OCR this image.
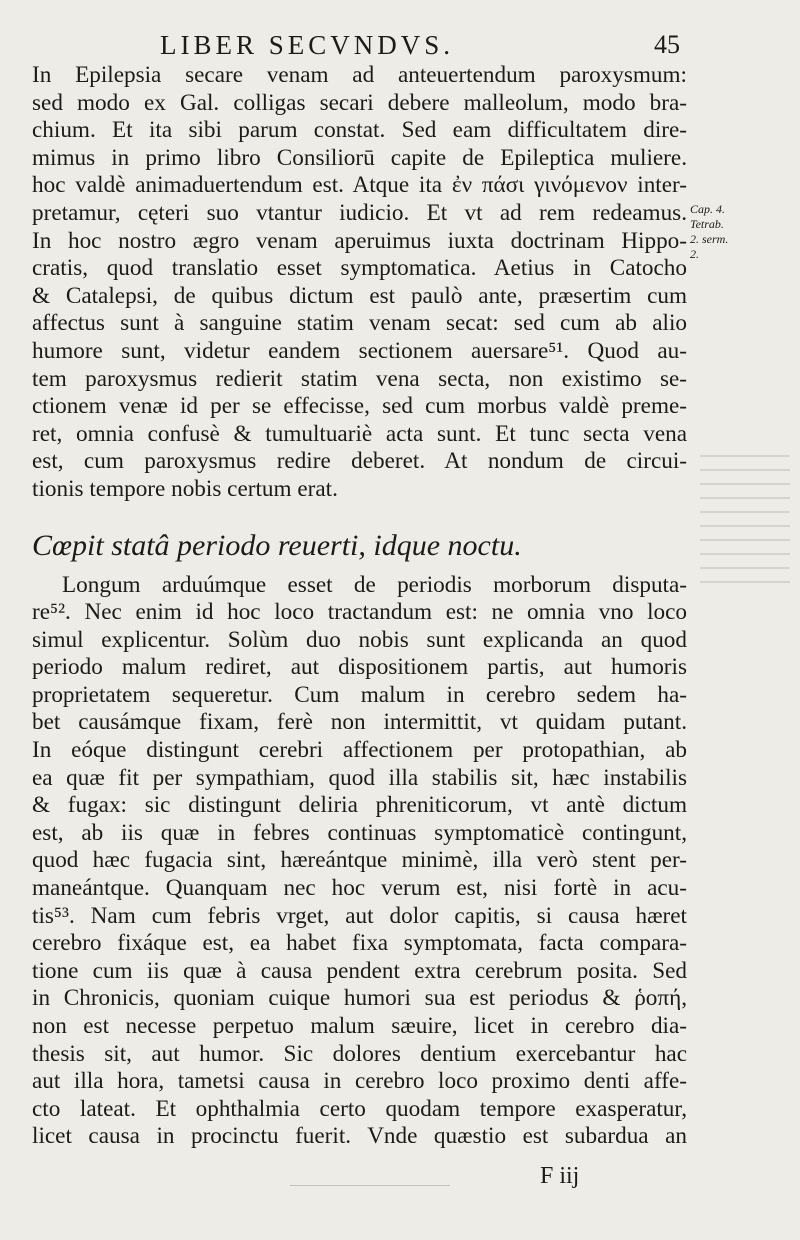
LIBER SECVNDVS.	45
In Epilepsia secare venam ad anteuertendum paroxysmum:
sed modo ex Gal. colligas secari debere malleolum, modo bra-
chium. Et ita sibi parum constat. Sed eam difficultatem dire-
mimus in primo libro Consiliorū capite de Epileptica muliere.
hoc valdè animaduertendum est. Atque ita ἐν πάσι γινόμενον inter-
pretamur, cęteri suo vtantur iudicio. Et vt ad rem redeamus.
In hoc nostro ægro venam aperuimus iuxta doctrinam Hippo-
cratis, quod translatio esset symptomatica. Aetius in Catocho
& Catalepsi, de quibus dictum est paulò ante, præsertim cum
affectus sunt à sanguine statim venam secat: sed cum ab alio
humore sunt, videtur eandem sectionem auersare⁵¹. Quod au-
tem paroxysmus redierit statim vena secta, non existimo se-
ctionem venæ id per se effecisse, sed cum morbus valdè preme-
ret, omnia confusè & tumultuariè acta sunt. Et tunc secta vena
est, cum paroxysmus redire deberet. At nondum de circui-
tionis tempore nobis certum erat.
Cœpit statâ periodo reuerti, idque noctu.
Longum arduúmque esset de periodis morborum disputa-
re⁵². Nec enim id hoc loco tractandum est: ne omnia vno loco
simul explicentur. Solùm duo nobis sunt explicanda an quod
periodo malum rediret, aut dispositionem partis, aut humoris
proprietatem sequeretur. Cum malum in cerebro sedem ha-
bet causámque fixam, ferè non intermittit, vt quidam putant.
In eóque distingunt cerebri affectionem per protopathian, ab
ea quæ fit per sympathiam, quod illa stabilis sit, hæc instabilis
& fugax: sic distingunt deliria phreniticorum, vt antè dictum
est, ab iis quæ in febres continuas symptomaticè contingunt,
quod hæc fugacia sint, hæreántque minimè, illa verò stent per-
maneántque. Quanquam nec hoc verum est, nisi fortè in acu-
tis⁵³. Nam cum febris vrget, aut dolor capitis, si causa hæret
cerebro fixáque est, ea habet fixa symptomata, facta compara-
tione cum iis quæ à causa pendent extra cerebrum posita. Sed
in Chronicis, quoniam cuique humori sua est periodus & ῥοπή,
non est necesse perpetuo malum sæuire, licet in cerebro dia-
thesis sit, aut humor. Sic dolores dentium exercebantur hac
aut illa hora, tametsi causa in cerebro loco proximo denti affe-
cto lateat. Et ophthalmia certo quodam tempore exasperatur,
licet causa in procinctu fuerit. Vnde quæstio est subardua an
Cap. 4.
Tetrab.
2. serm.
2.
F iij
